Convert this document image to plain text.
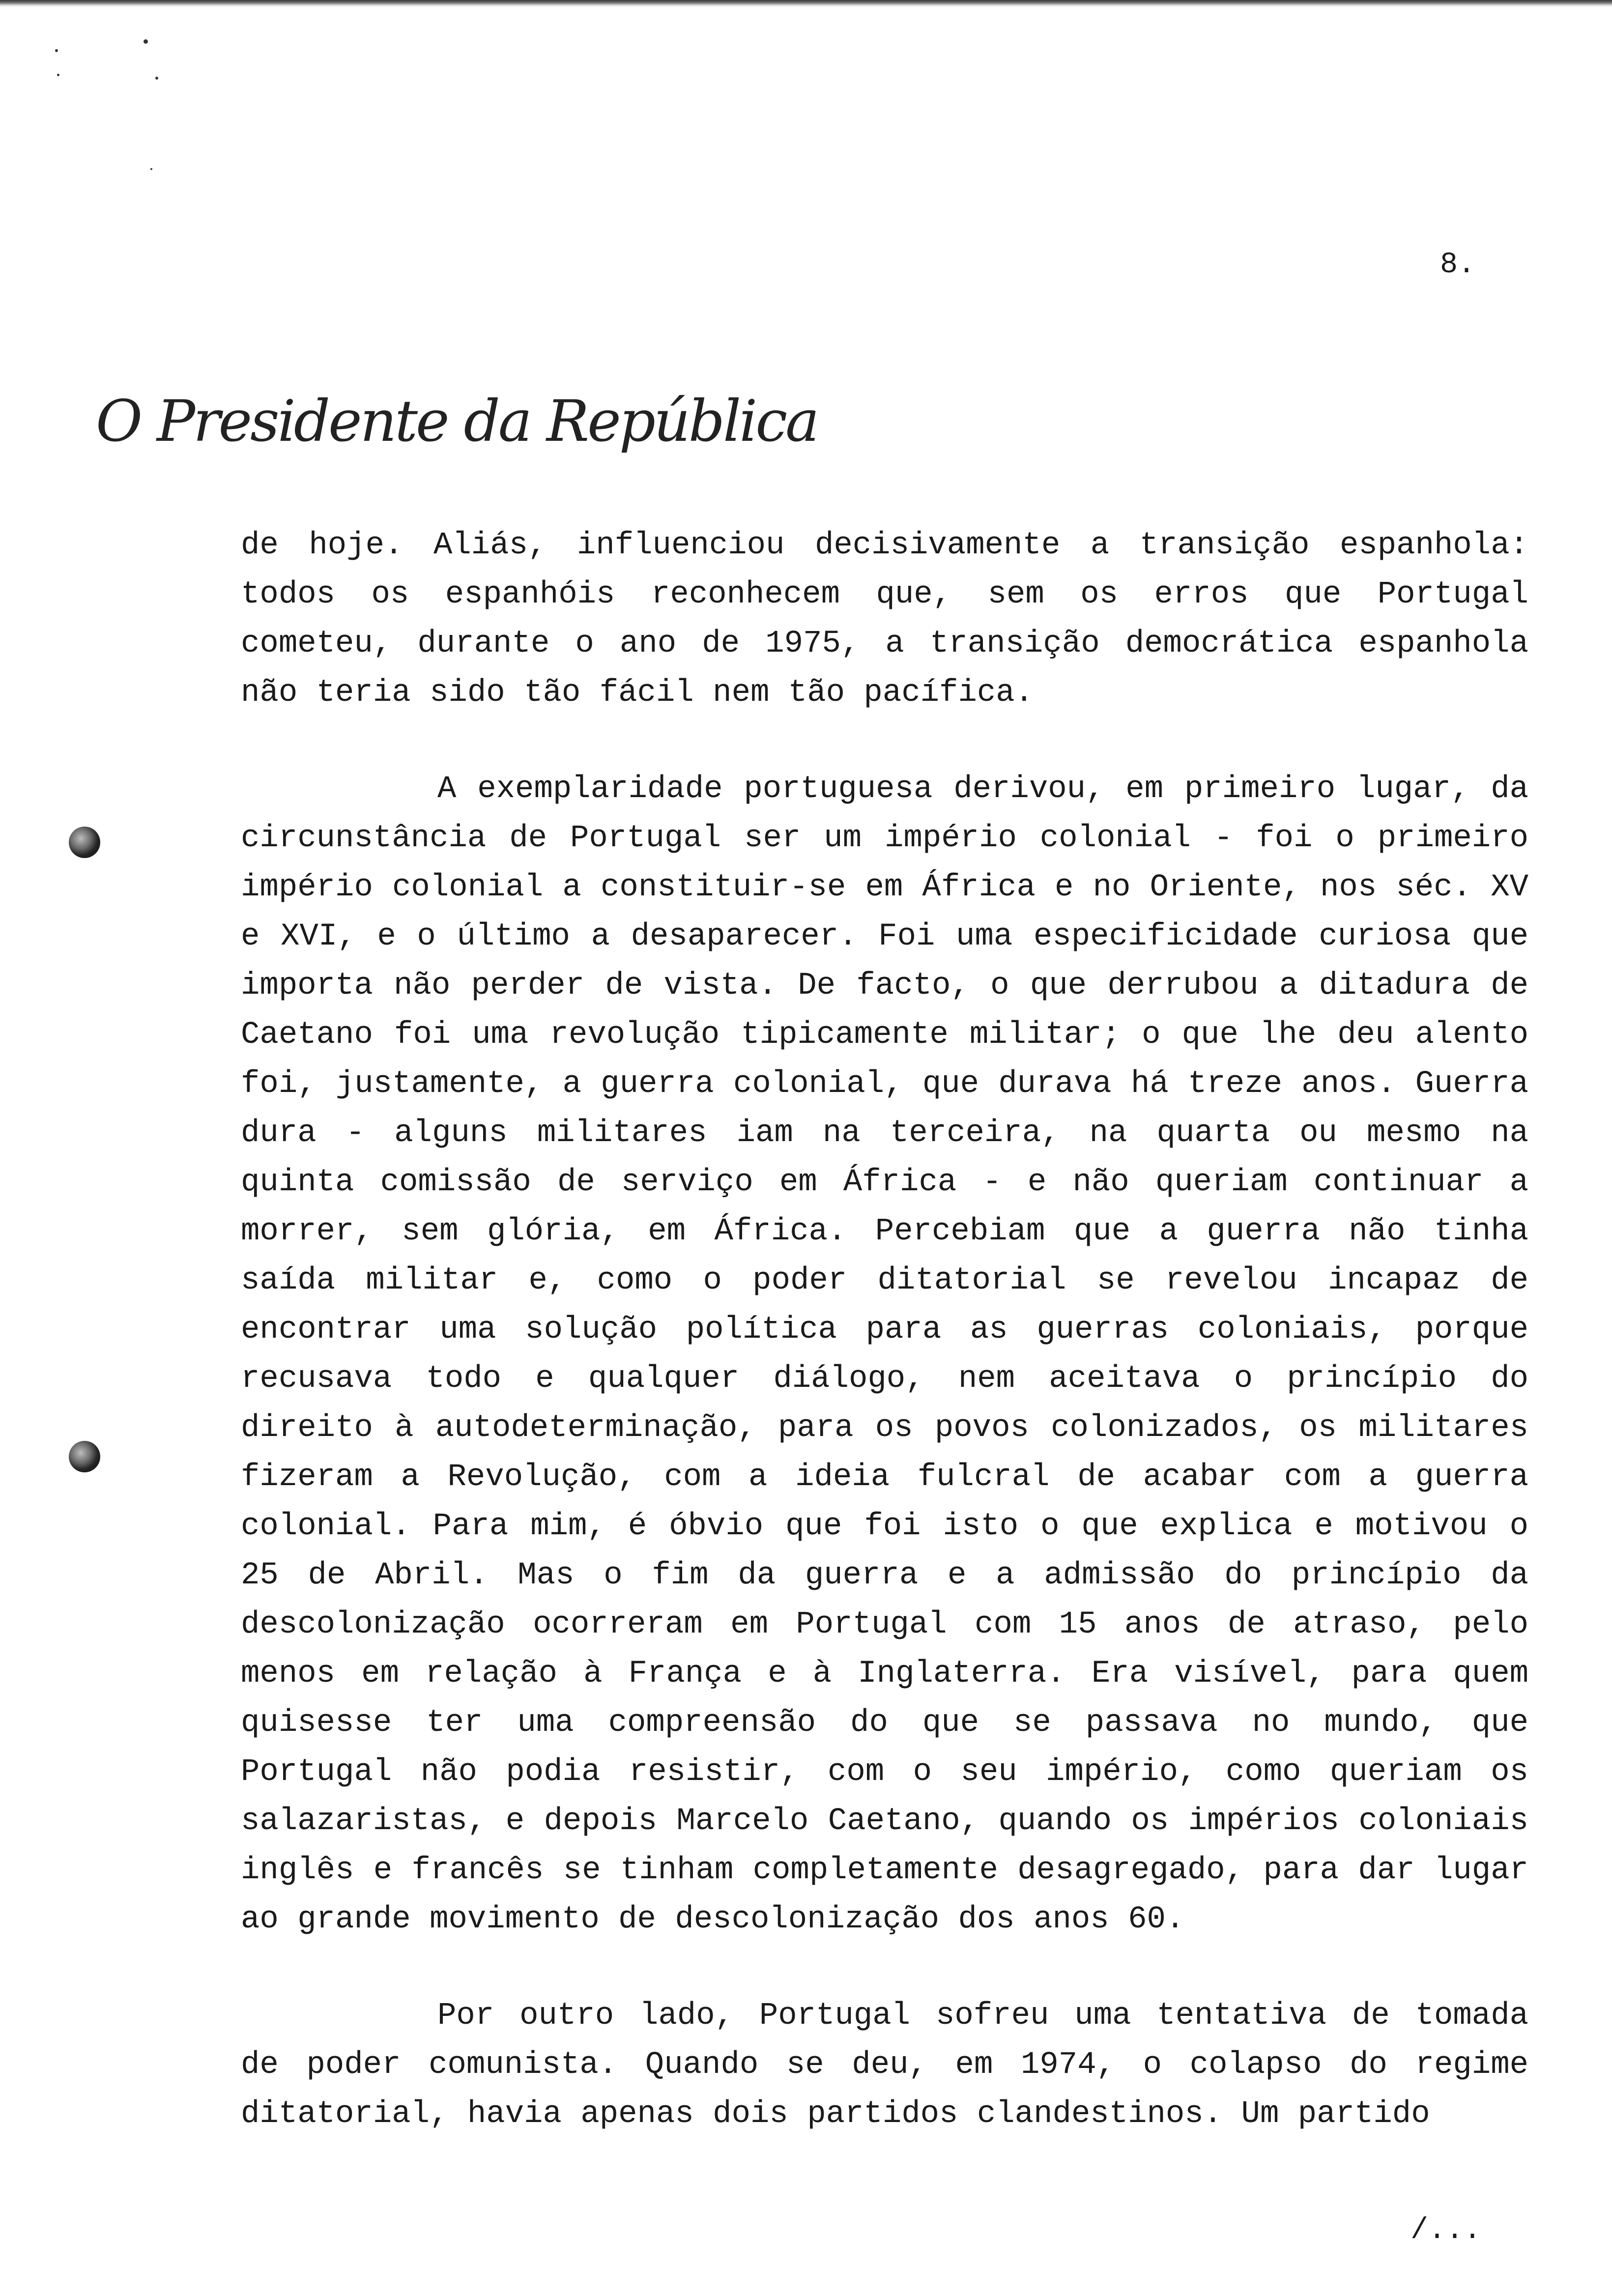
8.
O Presidente da República

de hoje. Aliás, influenciou decisivamente a transição espanhola: todos os espanhóis reconhecem que, sem os erros que Portugal cometeu, durante o ano de 1975, a transição democrática espanhola não teria sido tão fácil nem tão pacífica.

A exemplaridade portuguesa derivou, em primeiro lugar, da circunstância de Portugal ser um império colonial - foi o primeiro império colonial a constituir-se em África e no Oriente, nos séc. XV e XVI, e o último a desaparecer. Foi uma especificidade curiosa que importa não perder de vista. De facto, o que derrubou a ditadura de Caetano foi uma revolução tipicamente militar; o que lhe deu alento foi, justamente, a guerra colonial, que durava há treze anos. Guerra dura - alguns militares iam na terceira, na quarta ou mesmo na quinta comissão de serviço em África - e não queriam continuar a morrer, sem glória, em África. Percebiam que a guerra não tinha saída militar e, como o poder ditatorial se revelou incapaz de encontrar uma solução política para as guerras coloniais, porque recusava todo e qualquer diálogo, nem aceitava o princípio do direito à autodeterminação, para os povos colonizados, os militares fizeram a Revolução, com a ideia fulcral de acabar com a guerra colonial. Para mim, é óbvio que foi isto o que explica e motivou o 25 de Abril. Mas o fim da guerra e a admissão do princípio da descolonização ocorreram em Portugal com 15 anos de atraso, pelo menos em relação à França e à Inglaterra. Era visível, para quem quisesse ter uma compreensão do que se passava no mundo, que Portugal não podia resistir, com o seu império, como queriam os salazaristas, e depois Marcelo Caetano, quando os impérios coloniais inglês e francês se tinham completamente desagregado, para dar lugar ao grande movimento de descolonização dos anos 60.

Por outro lado, Portugal sofreu uma tentativa de tomada de poder comunista. Quando se deu, em 1974, o colapso do regime ditatorial, havia apenas dois partidos clandestinos. Um partido

/...
